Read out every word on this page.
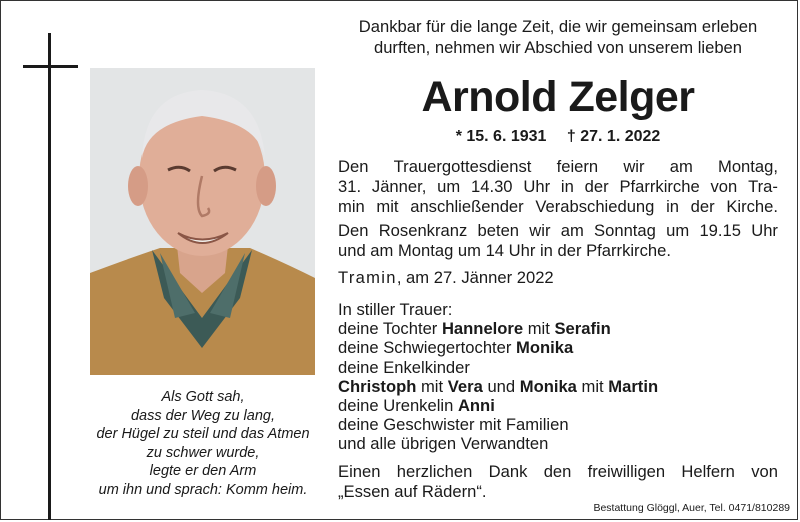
Als Gott sah,
dass der Weg zu lang,
der Hügel zu steil und das Atmen
zu schwer wurde,
legte er den Arm
um ihn und sprach: Komm heim.
Dankbar für die lange Zeit, die wir gemeinsam erleben
durften, nehmen wir Abschied von unserem lieben
Arnold Zelger
* 15. 6. 1931 † 27. 1. 2022
Den Trauergottesdienst feiern wir am Montag,
31. Jänner, um 14.30 Uhr in der Pfarrkirche von Tra-
min mit anschließender Verabschiedung in der Kirche.
Den Rosenkranz beten wir am Sonntag um 19.15 Uhr
und am Montag um 14 Uhr in der Pfarrkirche.
Tramin, am 27. Jänner 2022
In stiller Trauer:
deine Tochter Hannelore mit Serafin
deine Schwiegertochter Monika
deine Enkelkinder
Christoph mit Vera und Monika mit Martin
deine Urenkelin Anni
deine Geschwister mit Familien
und alle übrigen Verwandten
Einen herzlichen Dank den freiwilligen Helfern von
„Essen auf Rädern“.
Bestattung Glöggl, Auer, Tel. 0471/810289
